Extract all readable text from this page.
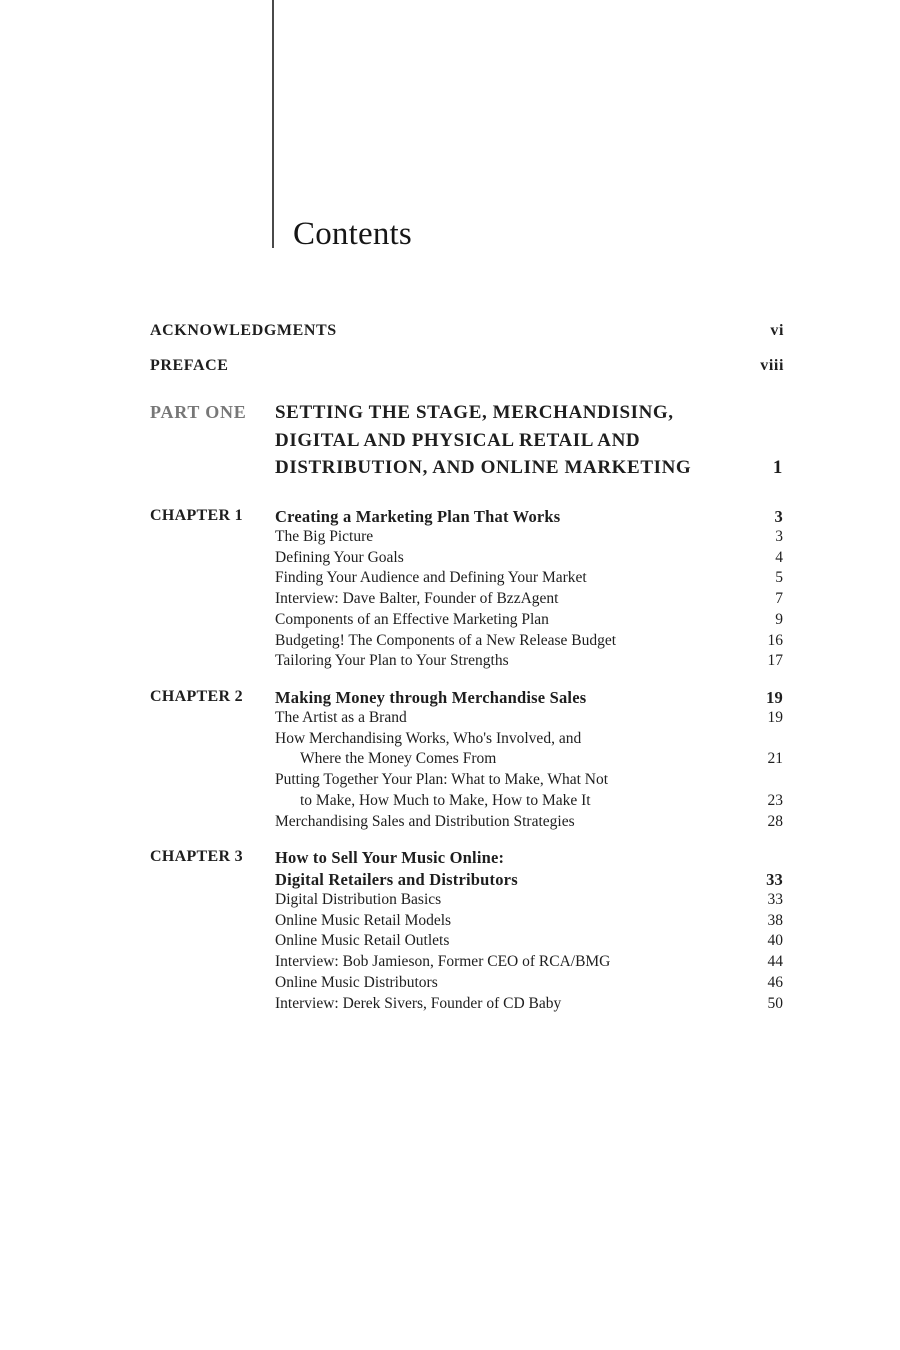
Contents
ACKNOWLEDGMENTS	vi
PREFACE	viii
PART ONE SETTING THE STAGE, MERCHANDISING,
DIGITAL AND PHYSICAL RETAIL AND
DISTRIBUTION, AND ONLINE MARKETING	1
CHAPTER 1 Creating a Marketing Plan That Works	3
The Big Picture	3
Defining Your Goals	4
Finding Your Audience and Defining Your Market	5
Interview: Dave Balter, Founder of BzzAgent	7
Components of an Effective Marketing Plan	9
Budgeting! The Components of a New Release Budget	16
Tailoring Your Plan to Your Strengths	17
CHAPTER 2 Making Money through Merchandise Sales	19
The Artist as a Brand	19
How Merchandising Works, Who's Involved, and
Where the Money Comes From	21
Putting Together Your Plan: What to Make, What Not
to Make, How Much to Make, How to Make It	23
Merchandising Sales and Distribution Strategies	28
CHAPTER 3 How to Sell Your Music Online:
Digital Retailers and Distributors	33
Digital Distribution Basics	33
Online Music Retail Models	38
Online Music Retail Outlets	40
Interview: Bob Jamieson, Former CEO of RCA/BMG	44
Online Music Distributors	46
Interview: Derek Sivers, Founder of CD Baby	50
